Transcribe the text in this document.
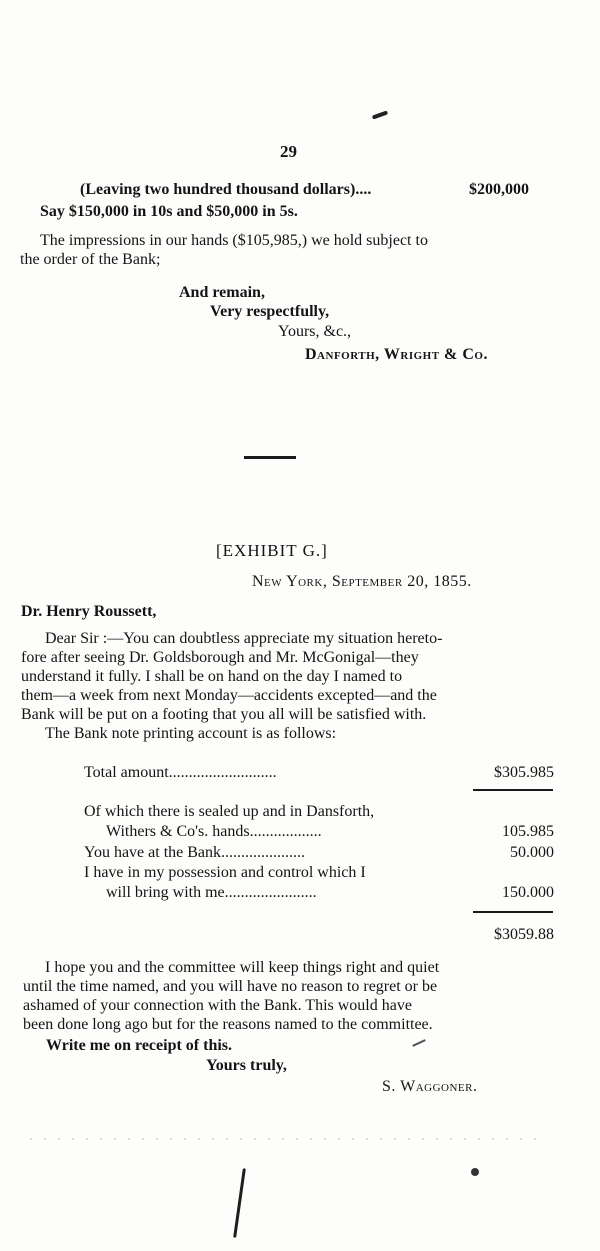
29
(Leaving two hundred thousand dollars)....	$200,000
Say $150,000 in 10s and $50,000 in 5s.
The impressions in our hands ($105,985,) we hold subject to
the order of the Bank;
And remain,
Very respectfully,
Yours, &c.,
Danforth, Wright & Co.
[EXHIBIT G.]
New York, September 20, 1855.
Dr. Henry Roussett,
Dear Sir :—You can doubtless appreciate my situation hereto-
fore after seeing Dr. Goldsborough and Mr. McGonigal—they
understand it fully. I shall be on hand on the day I named to
them—a week from next Monday—accidents excepted—and the
Bank will be put on a footing that you all will be satisfied with.
The Bank note printing account is as follows:
Total amount...........................	$305.985
Of which there is sealed up and in Dansforth,
Withers & Co's. hands..................	105.985
You have at the Bank.....................	50.000
I have in my possession and control which I
will bring with me.......................	150.000
$3059.88
I hope you and the committee will keep things right and quiet
until the time named, and you will have no reason to regret or be
ashamed of your connection with the Bank. This would have
been done long ago but for the reasons named to the committee.
Write me on receipt of this.
Yours truly,
S. Waggoner.
